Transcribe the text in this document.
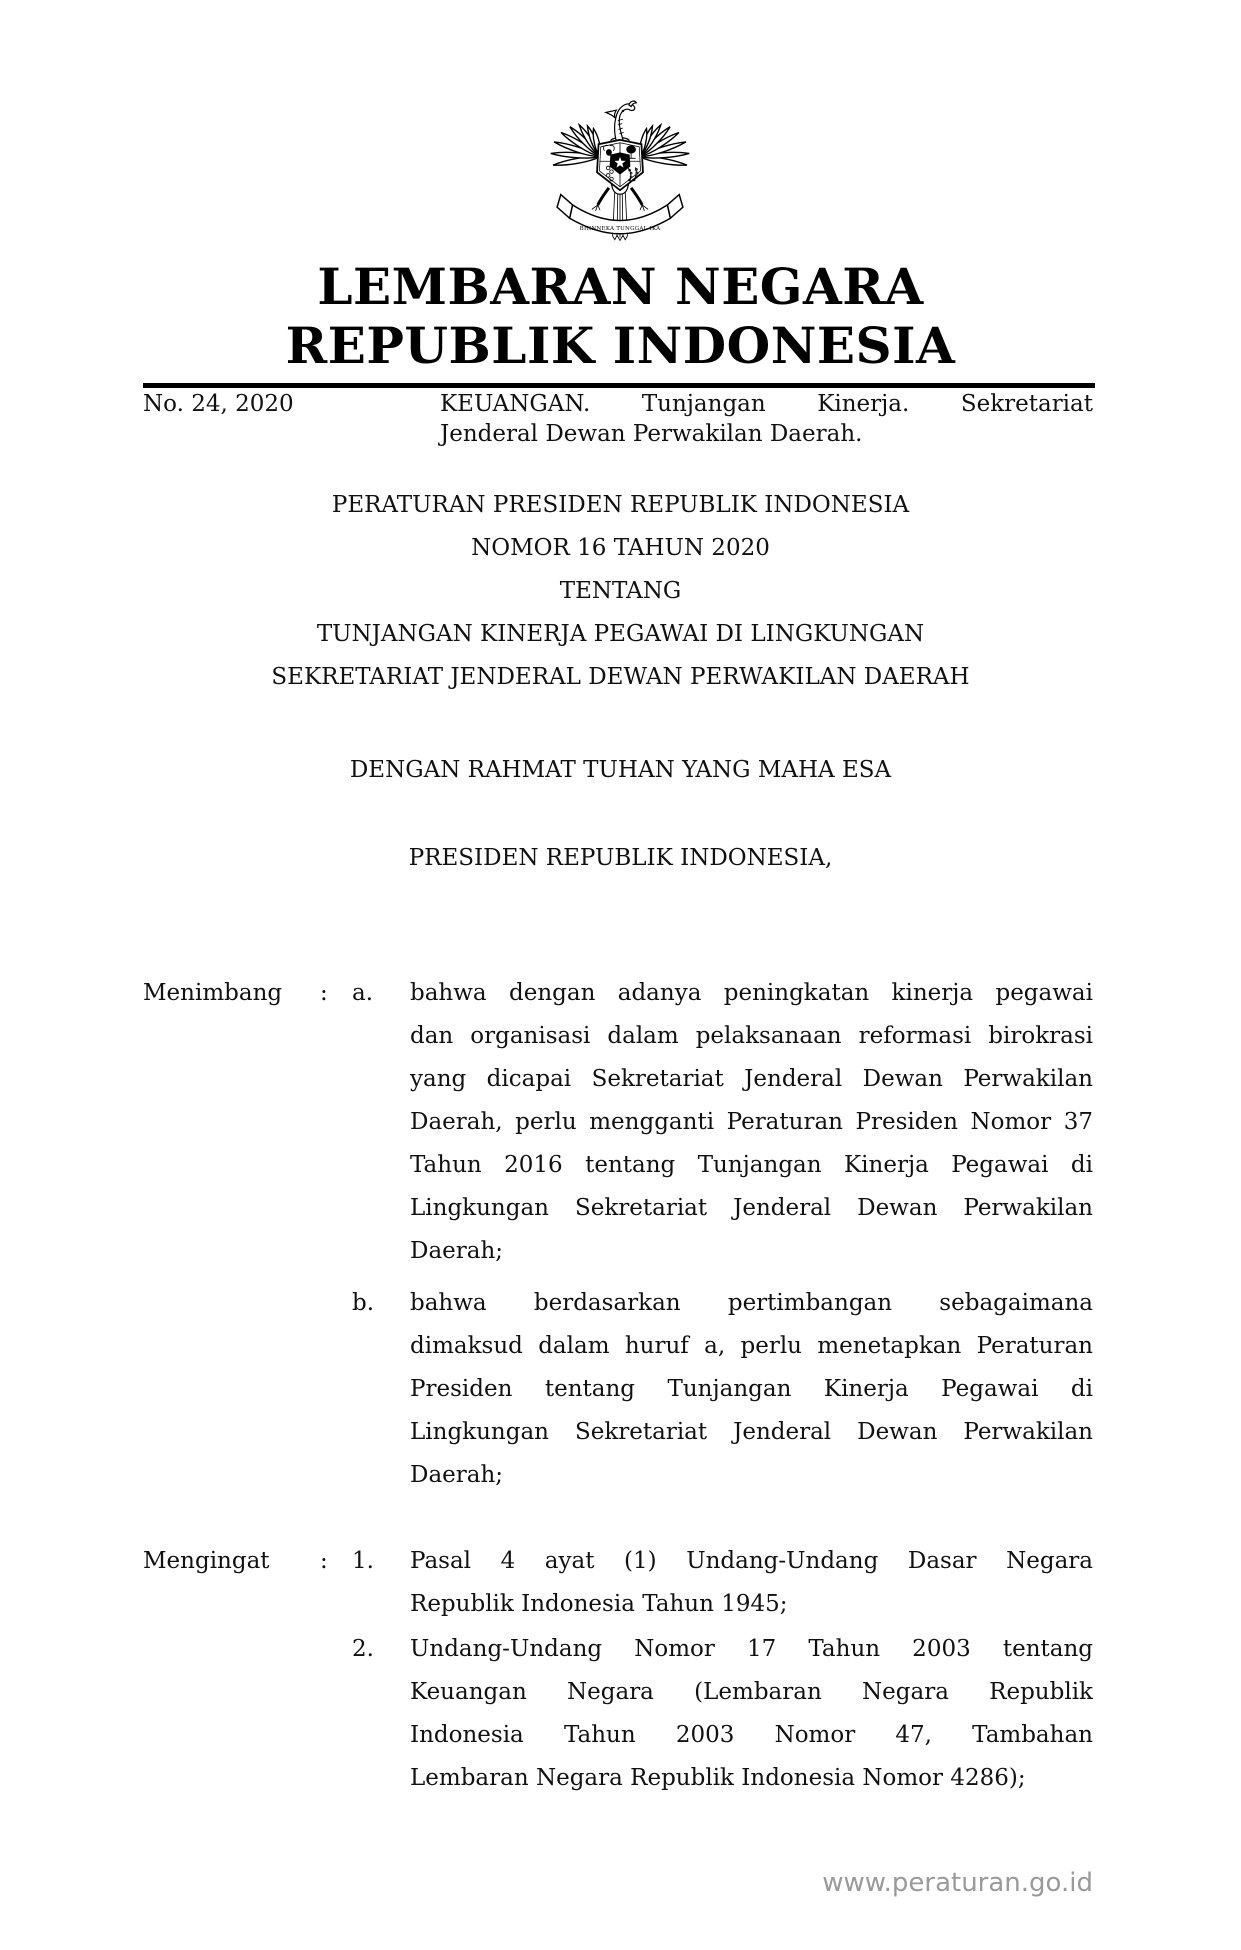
BHINNEKA TUNGGAL IKA
LEMBARAN NEGARA
REPUBLIK INDONESIA
No. 24, 2020	KEUANGAN. Tunjangan Kinerja. Sekretariat
Jenderal Dewan Perwakilan Daerah.
PERATURAN PRESIDEN REPUBLIK INDONESIA
NOMOR 16 TAHUN 2020
TENTANG
TUNJANGAN KINERJA PEGAWAI DI LINGKUNGAN
SEKRETARIAT JENDERAL DEWAN PERWAKILAN DAERAH
DENGAN RAHMAT TUHAN YANG MAHA ESA
PRESIDEN REPUBLIK INDONESIA,
Menimbang : a. bahwa dengan adanya peningkatan kinerja pegawai
dan organisasi dalam pelaksanaan reformasi birokrasi
yang dicapai Sekretariat Jenderal Dewan Perwakilan
Daerah, perlu mengganti Peraturan Presiden Nomor 37
Tahun 2016 tentang Tunjangan Kinerja Pegawai di
Lingkungan Sekretariat Jenderal Dewan Perwakilan
Daerah;
b. bahwa berdasarkan pertimbangan sebagaimana
dimaksud dalam huruf a, perlu menetapkan Peraturan
Presiden tentang Tunjangan Kinerja Pegawai di
Lingkungan Sekretariat Jenderal Dewan Perwakilan
Daerah;
Mengingat : 1. Pasal 4 ayat (1) Undang-Undang Dasar Negara
Republik Indonesia Tahun 1945;
2. Undang-Undang Nomor 17 Tahun 2003 tentang
Keuangan Negara (Lembaran Negara Republik
Indonesia Tahun 2003 Nomor 47, Tambahan
Lembaran Negara Republik Indonesia Nomor 4286);
www.peraturan.go.id
